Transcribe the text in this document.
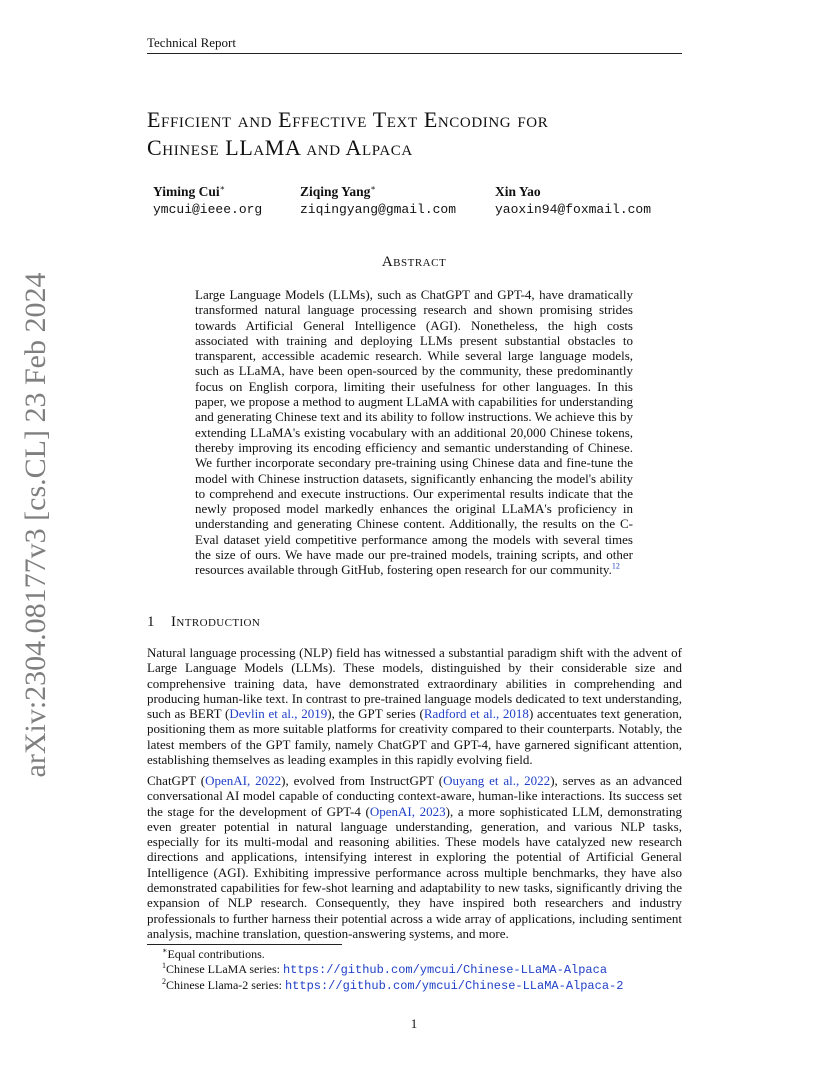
Technical Report
arXiv:2304.08177v3 [cs.CL] 23 Feb 2024
Efficient and Effective Text Encoding for
Chinese LLaMA and Alpaca
Yiming Cui∗
ymcui@ieee.org
Ziqing Yang∗
ziqingyang@gmail.com
Xin Yao
yaoxin94@foxmail.com
Abstract
Large Language Models (LLMs), such as ChatGPT and GPT-4, have dramatically transformed natural language processing research and shown promising strides towards Artificial General Intelligence (AGI). Nonetheless, the high costs associated with training and deploying LLMs present substantial obstacles to transparent, accessible academic research. While several large language models, such as LLaMA, have been open-sourced by the community, these predominantly focus on English corpora, limiting their usefulness for other languages. In this paper, we propose a method to augment LLaMA with capabilities for understanding and generating Chinese text and its ability to follow instructions. We achieve this by extending LLaMA's existing vocabulary with an additional 20,000 Chinese tokens, thereby improving its encoding efficiency and semantic understanding of Chinese. We further incorporate secondary pre-training using Chinese data and fine-tune the model with Chinese instruction datasets, significantly enhancing the model's ability to comprehend and execute instructions. Our experimental results indicate that the newly proposed model markedly enhances the original LLaMA's proficiency in understanding and generating Chinese content. Additionally, the results on the C-Eval dataset yield competitive performance among the models with several times the size of ours. We have made our pre-trained models, training scripts, and other resources available through GitHub, fostering open research for our community.$^{12}$
1 Introduction
Natural language processing (NLP) field has witnessed a substantial paradigm shift with the advent of Large Language Models (LLMs). These models, distinguished by their considerable size and comprehensive training data, have demonstrated extraordinary abilities in comprehending and producing human-like text. In contrast to pre-trained language models dedicated to text understanding, such as BERT (Devlin et al., 2019), the GPT series (Radford et al., 2018) accentuates text generation, positioning them as more suitable platforms for creativity compared to their counterparts. Notably, the latest members of the GPT family, namely ChatGPT and GPT-4, have garnered significant attention, establishing themselves as leading examples in this rapidly evolving field.
ChatGPT (OpenAI, 2022), evolved from InstructGPT (Ouyang et al., 2022), serves as an advanced conversational AI model capable of conducting context-aware, human-like interactions. Its success set the stage for the development of GPT-4 (OpenAI, 2023), a more sophisticated LLM, demonstrating even greater potential in natural language understanding, generation, and various NLP tasks, especially for its multi-modal and reasoning abilities. These models have catalyzed new research directions and applications, intensifying interest in exploring the potential of Artificial General Intelligence (AGI). Exhibiting impressive performance across multiple benchmarks, they have also demonstrated capabilities for few-shot learning and adaptability to new tasks, significantly driving the expansion of NLP research. Consequently, they have inspired both researchers and industry professionals to further harness their potential across a wide array of applications, including sentiment analysis, machine translation, question-answering systems, and more.
∗Equal contributions.
$^1$Chinese LLaMA series: https://github.com/ymcui/Chinese-LLaMA-Alpaca
$^2$Chinese Llama-2 series: https://github.com/ymcui/Chinese-LLaMA-Alpaca-2
1
